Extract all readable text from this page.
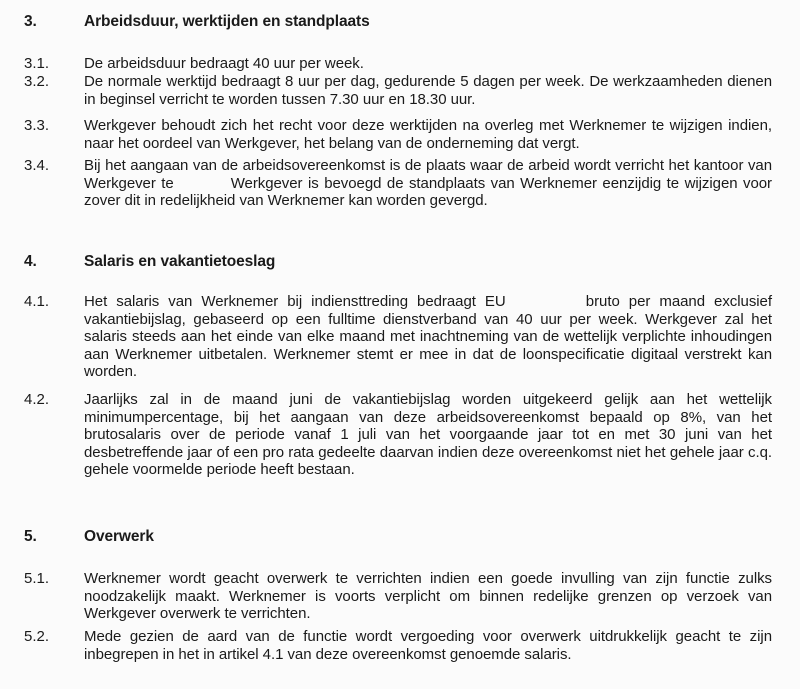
3.	Arbeidsduur, werktijden en standplaats
3.1. De arbeidsduur bedraagt 40 uur per week.
3.2. De normale werktijd bedraagt 8 uur per dag, gedurende 5 dagen per week. De werkzaamheden dienen in beginsel verricht te worden tussen 7.30 uur en 18.30 uur.
3.3. Werkgever behoudt zich het recht voor deze werktijden na overleg met Werknemer te wijzigen indien, naar het oordeel van Werkgever, het belang van de onderneming dat vergt.
3.4. Bij het aangaan van de arbeidsovereenkomst is de plaats waar de arbeid wordt verricht het kantoor van Werkgever te	Werkgever is bevoegd de standplaats van Werknemer eenzijdig te wijzigen voor zover dit in redelijkheid van Werknemer kan worden gevergd.
4.	Salaris en vakantietoeslag
4.1. Het salaris van Werknemer bij indiensttreding bedraagt EU	bruto per maand exclusief vakantiebijslag, gebaseerd op een fulltime dienstverband van 40 uur per week. Werkgever zal het salaris steeds aan het einde van elke maand met inachtneming van de wettelijk verplichte inhoudingen aan Werknemer uitbetalen. Werknemer stemt er mee in dat de loonspecificatie digitaal verstrekt kan worden.
4.2. Jaarlijks zal in de maand juni de vakantiebijslag worden uitgekeerd gelijk aan het wettelijk minimumpercentage, bij het aangaan van deze arbeidsovereenkomst bepaald op 8%, van het brutosalaris over de periode vanaf 1 juli van het voorgaande jaar tot en met 30 juni van het desbetreffende jaar of een pro rata gedeelte daarvan indien deze overeenkomst niet het gehele jaar c.q. gehele voormelde periode heeft bestaan.
5.	Overwerk
5.1. Werknemer wordt geacht overwerk te verrichten indien een goede invulling van zijn functie zulks noodzakelijk maakt. Werknemer is voorts verplicht om binnen redelijke grenzen op verzoek van Werkgever overwerk te verrichten.
5.2. Mede gezien de aard van de functie wordt vergoeding voor overwerk uitdrukkelijk geacht te zijn inbegrepen in het in artikel 4.1 van deze overeenkomst genoemde salaris.
